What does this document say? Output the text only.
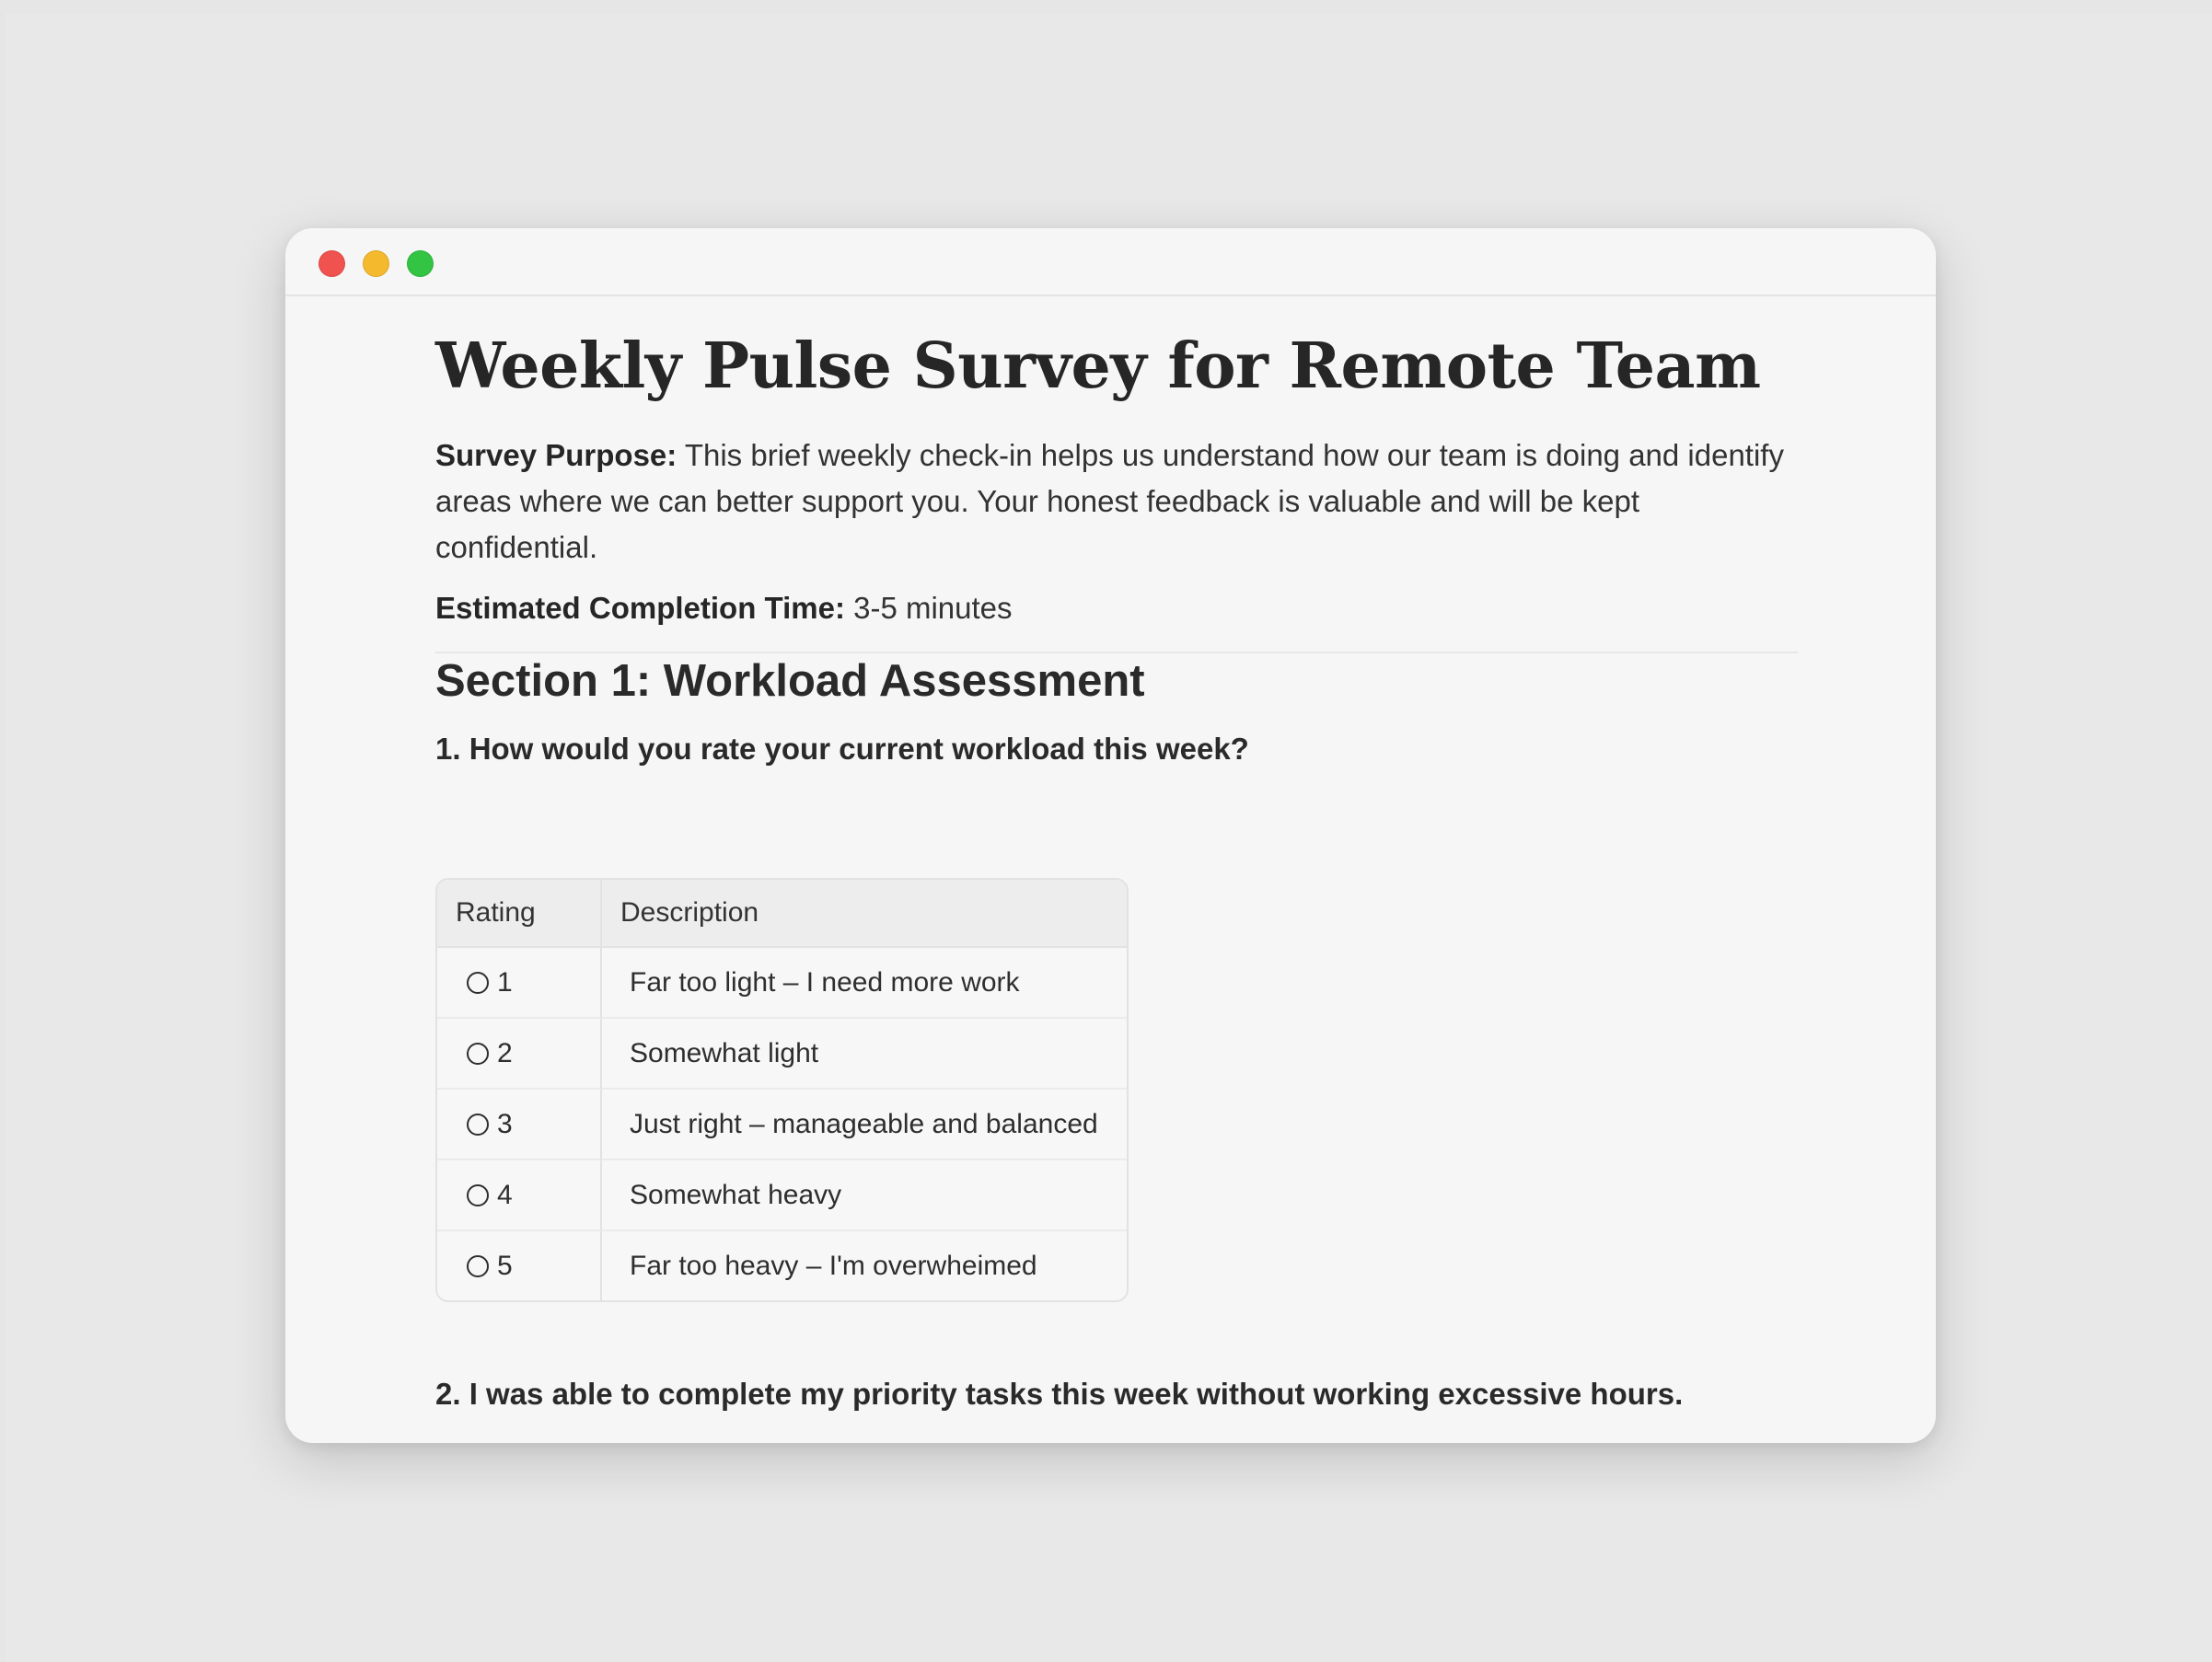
Weekly Pulse Survey for Remote Team

Survey Purpose: This brief weekly check-in helps us understand how our team is doing and identify areas where we can better support you. Your honest feedback is valuable and will be kept confidential.

Estimated Completion Time: 3-5 minutes

Section 1: Workload Assessment
1. How would you rate your current workload this week?
Rating	Description
1	Far too light – I need more work
2	Somewhat light
3	Just right – manageable and balanced
4	Somewhat heavy
5	Far too heavy – I'm overwheimed
2. I was able to complete my priority tasks this week without working excessive hours.
